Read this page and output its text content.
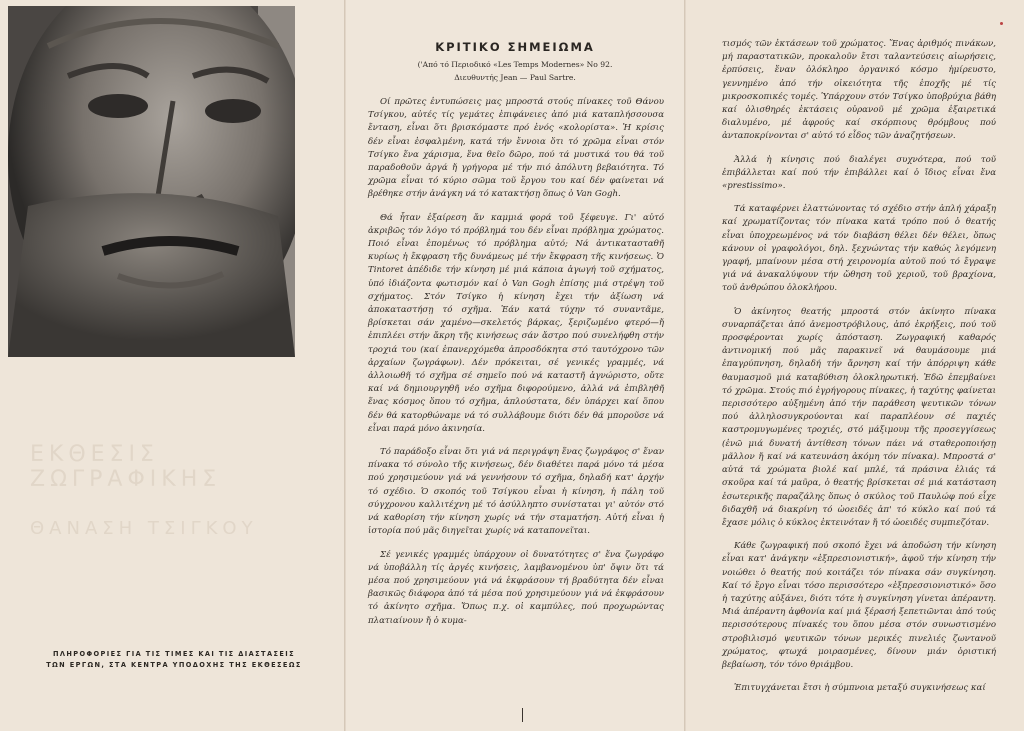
ΕΚΘΕΣΙΣ ΖΩΓΡΑΦΙΚΗΣ
ΘΑΝΑΣΗ ΤΣΙΓΚΟΥ
ΠΛΗΡΟΦΟΡΙΕΣ ΓΙΑ ΤΙΣ ΤΙΜΕΣ ΚΑΙ ΤΙΣ ΔΙΑΣΤΑΣΕΙΣ
ΤΩΝ ΕΡΓΩΝ, ΣΤΑ ΚΕΝΤΡΑ ΥΠΟΔΟΧΗΣ ΤΗΣ ΕΚΘΕΣΕΩΣ
ΚΡΙΤΙΚΟ ΣΗΜΕΙΩΜΑ
('Από τό Περιοδικό «Les Temps Modernes» No 92.
Διευθυντής Jean — Paul Sartre.

Οί πρῶτες ἐντυπώσεις μας μπροστά στούς πίνακες τοῦ Θάνου Τσίγκου, αὐτές τίς γεμάτες ἐπιφάνειες ἀπό μιά καταπλήσσουσα ἔνταση, εἶναι ὅτι βρισκόμαστε πρό ἑνός «κολορίστα». Ἡ κρίσις δέν εἶναι ἐσφαλμένη, κατά τήν ἔννοια ὅτι τό χρῶμα εἶναι στόν Τσίγκο ἕνα χάρισμα, ἕνα θεῖο δῶρο, πού τά μυστικά του θά τοῦ παραδοθοῦν ἀργά ἤ γρήγορα μέ τήν πιό ἀπόλυτη βεβαιότητα. Τό χρῶμα εἶναι τό κύριο σῶμα τοῦ ἔργου του καί δέν φαίνεται νά βρέθηκε στήν ἀνάγκη νά τό κατακτήσῃ ὅπως ὁ Van Gogh.

Θά ἦταν ἐξαίρεση ἄν καμμιά φορά τοῦ ξέφευγε. Γι' αὐτό ἀκριβῶς τόν λόγο τό πρόβλημά του δέν εἶναι πρόβλημα χρώματος. Ποιό εἶναι ἐπομένως τό πρόβλημα αὐτό; Νά ἀντικατασταθῆ κυρίως ἡ ἔκφραση τῆς δυνάμεως μέ τήν ἔκφραση τῆς κινήσεως. Ὁ Tintoret ἀπέδιδε τήν κίνηση μέ μιά κάποια ἀγωγή τοῦ σχήματος, ὑπό ἰδιάζοντα φωτισμόν καί ὁ Van Gogh ἐπίσης μιά στρέψη τοῦ σχήματος. Στόν Τσίγκο ἡ κίνηση ἔχει τήν ἀξίωση νά ἀποκαταστήσῃ τό σχῆμα. Ἐάν κατά τύχην τό συναντᾶμε, βρίσκεται σάν χαμένο—σκελετός βάρκας, ξεριζωμένο φτερό—ἤ ἐπιπλέει στήν ἄκρη τῆς κινήσεως σάν ἄστρο πού συνελήφθη στήν τροχιά του (καί ἐπανερχόμεθα ἀπροσδόκητα στό ταυτόχρονο τῶν ἀρχαίων ζωγράφων). Δέν πρόκειται, σέ γενικές γραμμές, νά ἀλλοιωθῆ τό σχῆμα σέ σημεῖο πού νά καταστῆ ἀγνώριστο, οὔτε καί νά δημιουργηθῆ νέο σχῆμα διφορούμενο, ἀλλά νά ἐπιβληθῆ ἕνας κόσμος ὅπου τό σχῆμα, ἁπλούστατα, δέν ὑπάρχει καί ὅπου δέν θά κατορθώναμε νά τό συλλάβουμε διότι δέν θά μποροῦσε νά εἶναι παρά μόνο ἀκινησία.

Τό παράδοξο εἶναι ὅτι γιά νά περιγράψη ἕνας ζωγράφος σ' ἕναν πίνακα τό σύνολο τῆς κινήσεως, δέν διαθέτει παρά μόνο τά μέσα πού χρησιμεύουν γιά νά γεννήσουν τό σχῆμα, δηλαδή κατ' ἀρχήν τό σχέδιο. Ὁ σκοπός τοῦ Τσίγκου εἶναι ἡ κίνηση, ἡ πάλη τοῦ σύγχρονου καλλιτέχνη μέ τό ἀσύλληπτο συνίσταται γι' αὐτόν στό νά καθορίση τήν κίνηση χωρίς νά τήν σταματήση. Αὐτή εἶναι ἡ ἱστορία πού μᾶς διηγεῖται χωρίς νά καταπονεῖται.

Σέ γενικές γραμμές ὑπάρχουν οἱ δυνατότητες σ' ἕνα ζωγράφο νά ὑποβάλλη τίς ἀργές κινήσεις, λαμβανομένου ὑπ' ὄψιν ὅτι τά μέσα πού χρησιμεύουν γιά νά ἐκφράσουν τή βραδύτητα δέν εἶναι βασικῶς διάφορα ἀπό τά μέσα πού χρησιμεύουν γιά νά ἐκφράσουν τό ἀκίνητο σχῆμα. Ὅπως π.χ. οἱ καμπύλες, πού προχωρώντας πλατιαίνουν ἤ ὁ κυμα-

τισμός τῶν ἐκτάσεων τοῦ χρώματος. Ἕνας ἀριθμός πινάκων, μή παραστατικῶν, προκαλοῦν ἔτσι ταλαντεύσεις αἰωρήσεις, ἐρπύσεις, ἕναν ὁλόκληρο ὀργανικό κόσμο ἠμίρευστο, γεννημένο ἀπό τήν οἰκειότητα τῆς ἐποχῆς μέ τίς μικροσκοπικές τομές. Ὑπάρχουν στόν Τσίγκο ὑποβρύχια βάθη καί ὀλισθηρές ἐκτάσεις οὐρανοῦ μέ χρῶμα ἐξαιρετικά διαλυμένο, μέ ἀφρούς καί σκόρπιους θρόμβους πού ἀνταποκρίνονται σ' αὐτό τό εἶδος τῶν ἀναζητήσεων.

Ἀλλά ἡ κίνησις πού διαλέγει συχνότερα, πού τοῦ ἐπιβάλλεται καί πού τήν ἐπιβάλλει καί ὁ ἴδιος εἶναι ἕνα «prestissimo».

Τά καταφέρνει ἐλαττώνοντας τό σχέδιο στήν ἁπλή χάραξη καί χρωματίζοντας τόν πίνακα κατά τρόπο πού ὁ θεατής εἶναι ὑποχρεωμένος νά τόν διαβάση θέλει δέν θέλει, ὅπως κάνουν οἱ γραφολόγοι, δηλ. ξεχνώντας τήν καθώς λεγόμενη γραφή, μπαίνουν μέσα στή χειρονομία αὐτοῦ πού τό ἔγραψε γιά νά ἀνακαλύψουν τήν ὤθηση τοῦ χεριοῦ, τοῦ βραχίονα, τοῦ ἀνθρώπου ὁλοκλήρου.

Ὁ ἀκίνητος θεατής μπροστά στόν ἀκίνητο πίνακα συναρπάζεται ἀπό ἀνεμοστρόβιλους, ἀπό ἐκρήξεις, πού τοῦ προσφέρονται χωρίς ἀπόσταση. Ζωγραφική καθαρός ἀντινομική πού μᾶς παρακινεῖ νά θαυμάσουμε μιά ἐπαγρύπνηση, δηλαδή τήν ἄρνηση καί τήν ἀπόρριψη κάθε θαυμασμοῦ μιά καταβύθιση ὁλοκληρωτική. Ἐδῶ ἐπεμβαίνει τό χρῶμα. Στούς πιό ἐγρήγορους πίνακες, ἡ ταχύτης φαίνεται περισσότερο αὐξημένη ἀπό τήν παράθεση ψευτικῶν τόνων πού ἀλληλοσυγκρούονται καί παραπλέουν σέ παχιές καστρομυγωμένες τροχιές, στό μάξιμουμ τῆς προσεγγίσεως (ἐνῶ μιά δυνατή ἀντίθεση τόνων πάει νά σταθεροποιήσῃ μᾶλλον ἤ καί νά κατευνάση ἀκόμη τόν πίνακα). Μπροστά σ' αὐτά τά χρώματα βιολέ καί μπλέ, τά πράσινα ἐλιάς τά σκοῦρα καί τά μαῦρα, ὁ θεατής βρίσκεται σέ μιά κατάσταση ἐσωτερικῆς παραζάλης ὅπως ὁ σκύλος τοῦ Παυλώφ πού εἶχε διδαχθῆ νά διακρίνη τό ὠοειδές ἀπ' τό κύκλο καί πού τά ἔχασε μόλις ὁ κύκλος ἐκτεινόταν ἤ τό ὠοειδές συμπιεζόταν.

Κάθε ζωγραφική πού σκοπό ἔχει νά ἀποδώση τήν κίνηση εἶναι κατ' ἀνάγκην «ἐξπρεσιονιστική», ἀφοῦ τήν κίνηση τήν νοιώθει ὁ θεατής πού κοιτάζει τόν πίνακα σάν συγκίνηση. Καί τό ἔργο εἶναι τόσο περισσότερο «ἐξπρεσσιονιστικό» ὅσο ἡ ταχύτης αὐξάνει, διότι τότε ἡ συγκίνηση γίνεται ἀπέραντη. Μιά ἀπέραντη ἀφθονία καί μιά ξέρασή ξεπετιῶνται ἀπό τούς περισσότερους πίνακές του ὅπου μέσα στόν συνωστισμένο στροβιλισμό ψευτικῶν τόνων μερικές πινελιές ζωντανοῦ χρώματος, φτωχά μοιρασμένες, δίνουν μιάν ὁριστική βεβαίωση, τόν τόνο θριάμβου.

Ἐπιτυγχάνεται ἔτσι ἡ σύμπνοια μεταξύ συγκινήσεως καί
